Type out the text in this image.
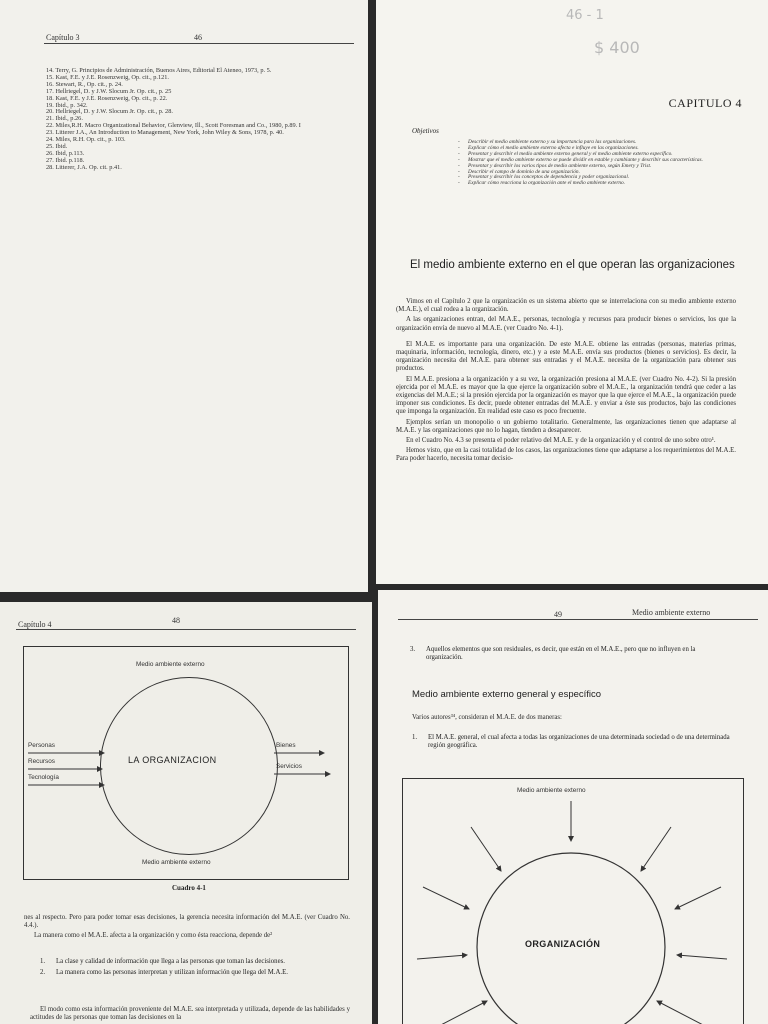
Capítulo 3	46
14. Terry, G. Principios de Administración, Buenos Aires, Editorial El Ateneo, 1973, p. 5.
15. Kast, F.E. y J.E. Rosenzweig, Op. cit., p.121.
16. Stewart, R., Op. cit., p. 24.
17. Hellriegel, D. y J.W. Slocum Jr. Op. cit., p. 25
18. Kast, F.E. y J.E. Rosenzweig, Op. cit., p. 22.
19. Ibid., p. 342.
20. Hellriegel, D. y J.W. Slocum Jr. Op. cit., p. 28.
21. Ibid., p.26.
22. Miles,R.H. Macro Organizational Behavior, Glenview, Ill., Scott Foresman and Co., 1980, p.89. I
23. Litterer J.A., An Introduction to Management, New York, John Wiley & Sons, 1978, p. 40.
24. Miles, R.H. Op. cit., p. 103.
25. Ibid.
26. Ibid, p.113.
27. Ibid. p.118.
28. Litterer, J.A. Op. cit. p.41.
46 - 1
$ 400
CAPITULO 4
Objetivos
- Describir el medio ambiente externo y su importancia para las organizaciones.
- Explicar cómo el medio ambiente externo afecta e influye en las organizaciones.
- Presentar y describir el medio ambiente externo general y el medio ambiente externo específico.
- Mostrar que el medio ambiente externo se puede dividir en estable y cambiante y describir sus características.
- Presentar y describir los varios tipos de medio ambiente externo, según Emery y Trist.
- Describir el campo de dominio de una organización.
- Presentar y describir los conceptos de dependencia y poder organizacional.
- Explicar cómo reacciona la organización ante el medio ambiente externo.
El medio ambiente externo en el que operan las organizaciones

Vimos en el Capítulo 2 que la organización es un sistema abierto que se interrelaciona con su medio ambiente externo (M.A.E.), el cual rodea a la organización.

A las organizaciones entran, del M.A.E., personas, tecnología y recursos para producir bienes o servicios, los que la organización envía de nuevo al M.A.E. (ver Cuadro No. 4-1).

El M.A.E. es importante para una organización. De este M.A.E. obtiene las entradas (personas, materias primas, maquinaria, información, tecnología, dinero, etc.) y a este M.A.E. envía sus productos (bienes o servicios). Es decir, la organización necesita del M.A.E. para obtener sus entradas y el M.A.E. necesita de la organización para obtener sus productos.

El M.A.E. presiona a la organización y a su vez, la organización presiona al M.A.E. (ver Cuadro No. 4-2). Si la presión ejercida por el M.A.E. es mayor que la que ejerce la organización sobre el M.A.E., la organización tendrá que ceder a las exigencias del M.A.E.; si la presión ejercida por la organización es mayor que la que ejerce el M.A.E., la organización puede imponer sus condiciones. Es decir, puede obtener entradas del M.A.E. y enviar a éste sus productos, bajo las condiciones que imponga la organización. En realidad este caso es poco frecuente.

Ejemplos serían un monopolio o un gobierno totalitario. Generalmente, las organizaciones tienen que adaptarse al M.A.E. y las organizaciones que no lo hagan, tienden a desaparecer.

En el Cuadro No. 4.3 se presenta el poder relativo del M.A.E. y de la organización y el control de uno sobre otro¹.

Hemos visto, que en la casi totalidad de los casos, las organizaciones tiene que adaptarse a los requerimientos del M.A.E. Para poder hacerlo, necesita tomar decisio-

Capítulo 4	48
Medio ambiente externo
LA ORGANIZACION
Personas
Recursos
Tecnología
Bienes
Servicios
Medio ambiente externo
Cuadro 4-1

nes al respecto. Pero para poder tomar esas decisiones, la gerencia necesita información del M.A.E. (ver Cuadro No. 4.4.).

La manera como el M.A.E. afecta a la organización y como ésta reacciona, depende de²

1. La clase y calidad de información que llega a las personas que toman las decisiones.
2. La manera como las personas interpretan y utilizan información que llega del M.A.E.

El modo como esta información proveniente del M.A.E. sea interpretada y utilizada, depende de las habilidades y actitudes de las personas que toman las decisiones en la

49	Medio ambiente externo
3. Aquellos elementos que son residuales, es decir, que están en el M.A.E., pero que no influyen en la organización.
Medio ambiente externo general y específico

Varios autores³⁴, consideran el M.A.E. de dos maneras:

1. El M.A.E. general, el cual afecta a todas las organizaciones de una determinada sociedad o de una determinada región geográfica.
Medio ambiente externo
ORGANIZACIÓN
